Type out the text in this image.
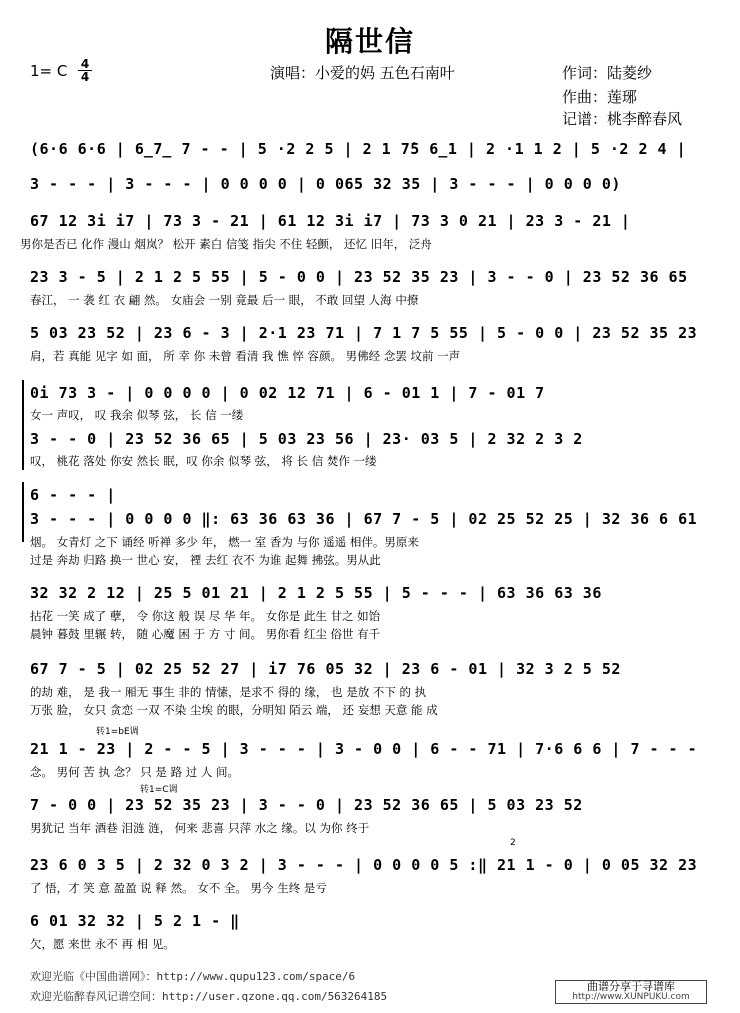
隔世信
1= C 4
4	演唱：小爱的妈 五色石南叶	作词：陆菱纱
作曲：莲琊
记谱：桃李醉春风
(6·6 6·6 | 6̲7̲ 7 - - | 5 ·2 2 5 | 2 1 7̇5 6̲1 | 2 ·1 1 2 | 5 ·2 2 4 |
3 - - - | 3 - - - | 0 0 0 0 | 0 065 32 35 | 3 - - - | 0 0 0 0)
67 12 3i i7 | 73 3 - 21 | 61 12 3i i7 | 73 3 0 21 | 23 3 - 21 |
男你是否已 化作 漫山 烟岚？ 松开 素白 信笺 指尖 不住 轻颤， 还忆 旧年， 泛舟
23 3 - 5 | 2 1 2 5 55 | 5 - 0 0 | 23 52 35 23 | 3 - - 0 | 23 52 36 65
春江， 一 袭 红 衣 翩 然。 女庙会 一别 竟最 后一 眼， 不敢 回望 人海 中撩
5 03 23 52 | 23 6 - 3 | 2·1 23 71 | 7 1 7 5 55 | 5 - 0 0 | 23 52 35 23
肩，若 真能 见字 如 面， 所 幸 你 未曾 看清 我 憔 悴 容颜。 男佛经 念罢 坟前 一声
0i 73 3 - | 0 0 0 0 | 0 02 12 71 | 6 - 01 1 | 7 - 01 7
女一 声叹， 叹 我余 似琴 弦， 长 信 一缕
3 - - 0 | 23 52 36 65 | 5 03 23 56 | 23· 03 5 | 2 32 2 3 2
叹， 桃花 落处 你安 然长 眠，叹 你余 似琴 弦， 将 长 信 焚作 一缕
6 - - - |
3 - - - | 0 0 0 0 ‖: 63 36 63 36 | 67 7 - 5 | 02 25 52 25 | 32 36 6 61
烟。 女青灯 之下 诵经 听禅 多少 年， 燃一 室 香为 与你 遥遥 相伴。男原来
过是 奔劫 归路 换一 世心 安， 禋 去红 衣不 为谁 起舞 拂弦。男从此
32 32 2 12 | 25 5 01 21 | 2 1 2 5 55 | 5 - - - | 63 36 63 36
拈花 一笑 成了 孽， 令 你这 般 误 尽 华 年。 女你是 此生 甘之 如饴
晨钟 暮鼓 里辗 转， 随 心魔 困 于 方 寸 间。 男你看 红尘 俗世 有千
67 7 - 5 | 02 25 52 27 | i7 76 05 32 | 23 6 - 01 | 32 3 2 5 52
的劫 难， 是 我一 厢无 事生 非的 情愫，是求不 得的 缘， 也 是放 不下 的 执
万张 脸， 女只 贪恋 一双 不染 尘埃 的眼，分明知 陌云 端， 还 妄想 天意 能 成
转1=bE调
21 1 - 23 | 2 - - 5 | 3 - - - | 3 - 0 0 | 6 - - 71 | 7·6 6 6 | 7 - - -
念。 男何 苦 执 念？ 只 是 路 过 人 间。
转1=C调
7 - 0 0 | 23 52 35 23 | 3 - - 0 | 23 52 36 65 | 5 03 23 52
男犹记 当年 酒巷 泪涟 涟， 何来 悲喜 只萍 水之 缘。以 为你 终于
2
23 6 0 3 5 | 2 32 0 3 2 | 3 - - - | 0 0 0 0 5 :‖ 21 1 - 0 | 0 05 32 23
了 悟，才 笑 意 盈盈 说 释 然。 女不 全。 男今 生终 是亏
6 01 32 32 | 5 2 1 - ‖
欠，愿 来世 永不 再 相 见。
欢迎光临《中国曲谱网》：http://www.qupu123.com/space/6
欢迎光临醉春风记谱空间：http://user.qzone.qq.com/563264185
曲谱分享于寻谱库
http://www.XUNPUKU.com
